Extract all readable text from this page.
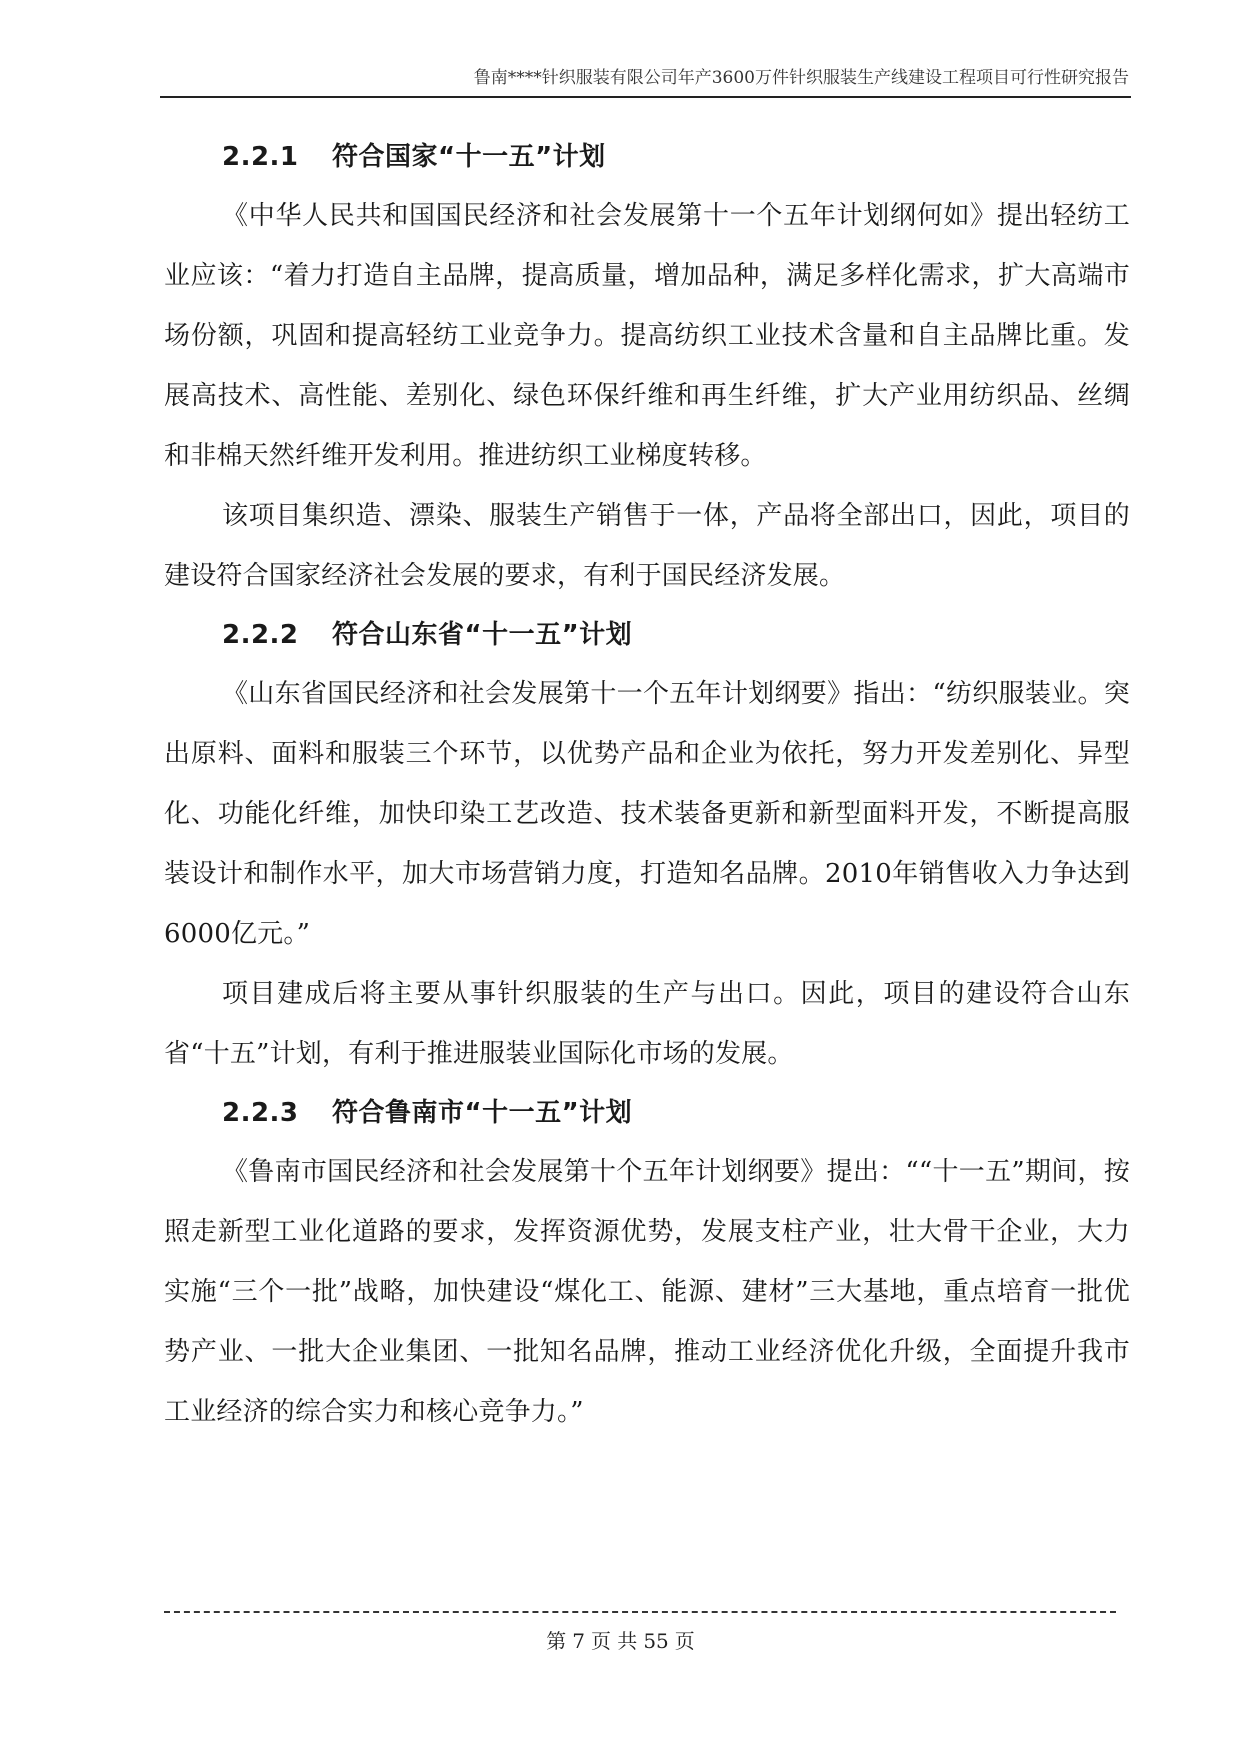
鲁南****针织服装有限公司年产3600万件针织服装生产线建设工程项目可行性研究报告
2.2.1 符合国家“十一五”计划

《中华人民共和国国民经济和社会发展第十一个五年计划纲何如》提出轻纺工业应该：“着力打造自主品牌，提高质量，增加品种，满足多样化需求，扩大高端市场份额，巩固和提高轻纺工业竞争力。提高纺织工业技术含量和自主品牌比重。发展高技术、高性能、差别化、绿色环保纤维和再生纤维，扩大产业用纺织品、丝绸和非棉天然纤维开发利用。推进纺织工业梯度转移。

该项目集织造、漂染、服装生产销售于一体，产品将全部出口，因此，项目的建设符合国家经济社会发展的要求，有利于国民经济发展。

2.2.2 符合山东省“十一五”计划

《山东省国民经济和社会发展第十一个五年计划纲要》指出：“纺织服装业。突出原料、面料和服装三个环节，以优势产品和企业为依托，努力开发差别化、异型化、功能化纤维，加快印染工艺改造、技术装备更新和新型面料开发，不断提高服装设计和制作水平，加大市场营销力度，打造知名品牌。2010年销售收入力争达到6000亿元。”

项目建成后将主要从事针织服装的生产与出口。因此，项目的建设符合山东省“十五”计划，有利于推进服装业国际化市场的发展。

2.2.3 符合鲁南市“十一五”计划

《鲁南市国民经济和社会发展第十个五年计划纲要》提出：““十一五”期间，按照走新型工业化道路的要求，发挥资源优势，发展支柱产业，壮大骨干企业，大力实施“三个一批”战略，加快建设“煤化工、能源、建材”三大基地，重点培育一批优势产业、一批大企业集团、一批知名品牌，推动工业经济优化升级，全面提升我市工业经济的综合实力和核心竞争力。”

第 7 页 共 55 页
